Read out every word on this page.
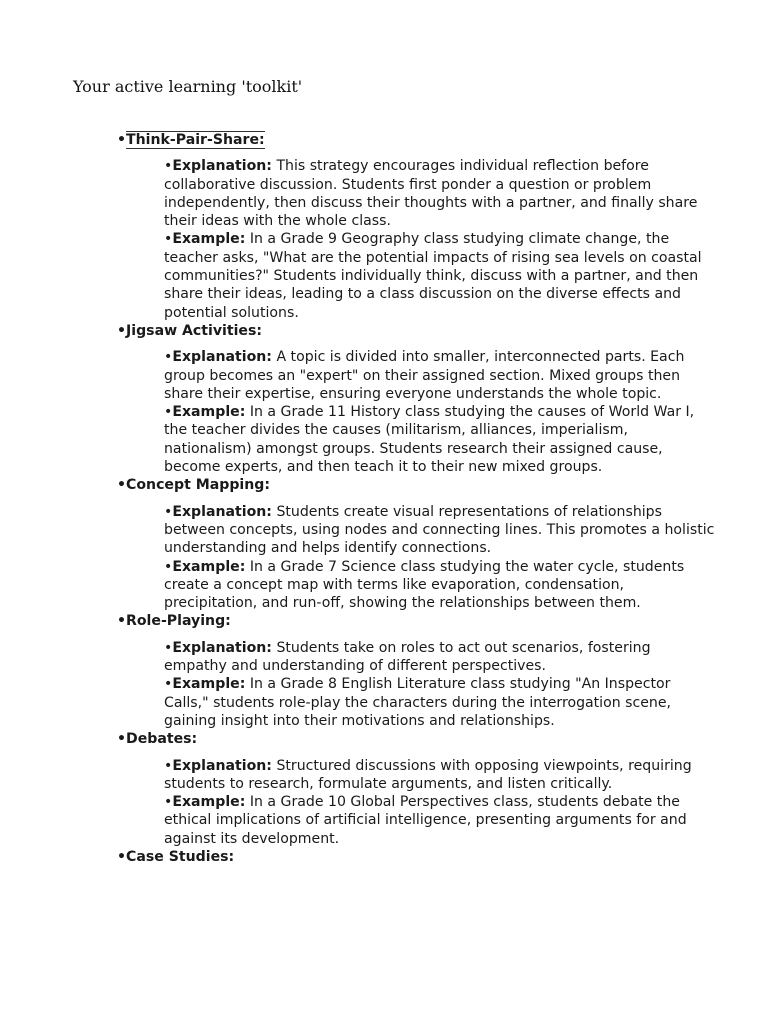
Your active learning 'toolkit'

•Think-Pair-Share:

•Explanation: This strategy encourages individual reflection before collaborative discussion. Students first ponder a question or problem independently, then discuss their thoughts with a partner, and finally share their ideas with the whole class.
•Example: In a Grade 9 Geography class studying climate change, the teacher asks, "What are the potential impacts of rising sea levels on coastal communities?" Students individually think, discuss with a partner, and then share their ideas, leading to a class discussion on the diverse effects and potential solutions.

•Jigsaw Activities:

•Explanation: A topic is divided into smaller, interconnected parts. Each group becomes an "expert" on their assigned section. Mixed groups then share their expertise, ensuring everyone understands the whole topic.
•Example: In a Grade 11 History class studying the causes of World War I, the teacher divides the causes (militarism, alliances, imperialism, nationalism) amongst groups. Students research their assigned cause, become experts, and then teach it to their new mixed groups.

•Concept Mapping:

•Explanation: Students create visual representations of relationships between concepts, using nodes and connecting lines. This promotes a holistic understanding and helps identify connections.
•Example: In a Grade 7 Science class studying the water cycle, students create a concept map with terms like evaporation, condensation, precipitation, and run-off, showing the relationships between them.

•Role-Playing:

•Explanation: Students take on roles to act out scenarios, fostering empathy and understanding of different perspectives.
•Example: In a Grade 8 English Literature class studying "An Inspector Calls," students role-play the characters during the interrogation scene, gaining insight into their motivations and relationships.

•Debates:

•Explanation: Structured discussions with opposing viewpoints, requiring students to research, formulate arguments, and listen critically.
•Example: In a Grade 10 Global Perspectives class, students debate the ethical implications of artificial intelligence, presenting arguments for and against its development.

•Case Studies:
